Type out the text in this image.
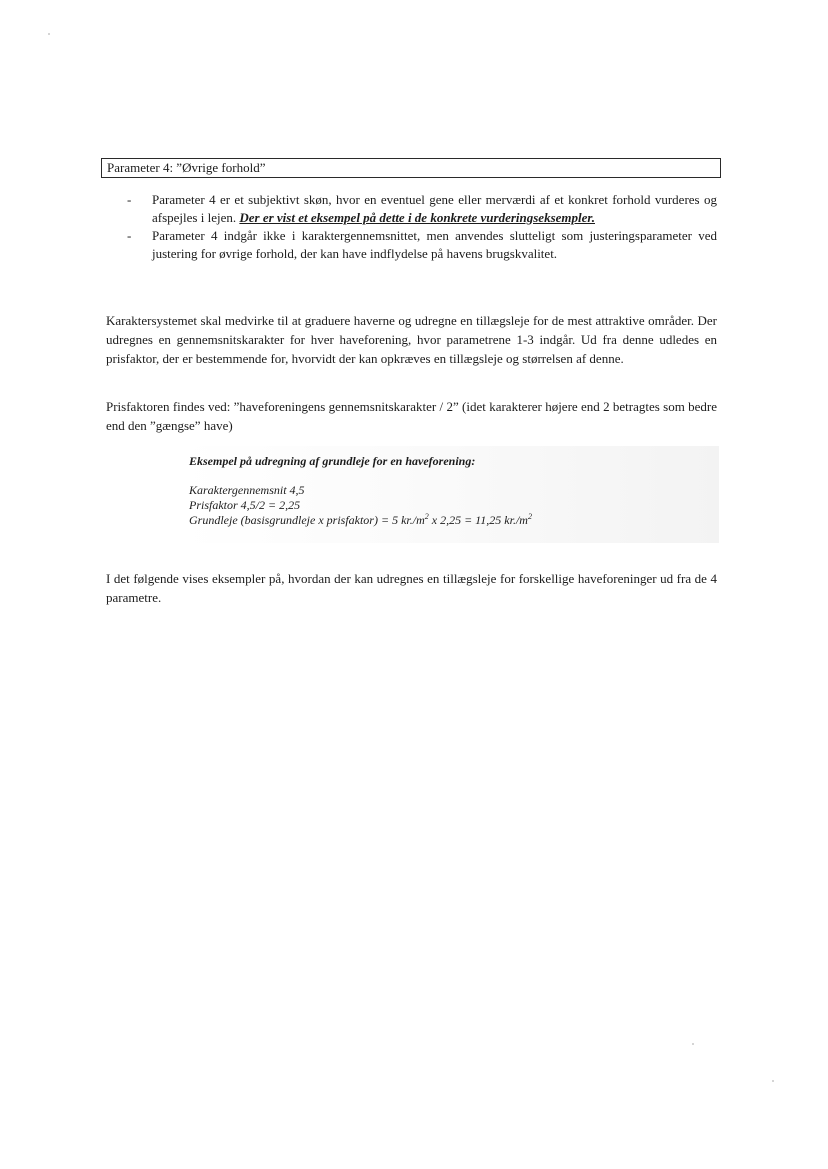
Parameter 4: ”Øvrige forhold”
- Parameter 4 er et subjektivt skøn, hvor en eventuel gene eller merværdi af et konkret forhold vurderes og afspejles i lejen. Der er vist et eksempel på dette i de konkrete vurderingseksempler.
- Parameter 4 indgår ikke i karaktergennemsnittet, men anvendes slutteligt som justeringsparameter ved justering for øvrige forhold, der kan have indflydelse på havens brugskvalitet.

Karaktersystemet skal medvirke til at graduere haverne og udregne en tillægsleje for de mest attraktive områder. Der udregnes en gennemsnitskarakter for hver haveforening, hvor parametrene 1-3 indgår. Ud fra denne udledes en prisfaktor, der er bestemmende for, hvorvidt der kan opkræves en tillægsleje og størrelsen af denne.

Prisfaktoren findes ved: ”haveforeningens gennemsnitskarakter / 2” (idet karakterer højere end 2 betragtes som bedre end den ”gængse” have)

Eksempel på udregning af grundleje for en haveforening:
Karaktergennemsnit 4,5
Prisfaktor 4,5/2 = 2,25
Grundleje (basisgrundleje x prisfaktor) = 5 $kr./m^2$ x 2,25 = 11,25 $kr./m^2$

I det følgende vises eksempler på, hvordan der kan udregnes en tillægsleje for forskellige haveforeninger ud fra de 4 parametre.
